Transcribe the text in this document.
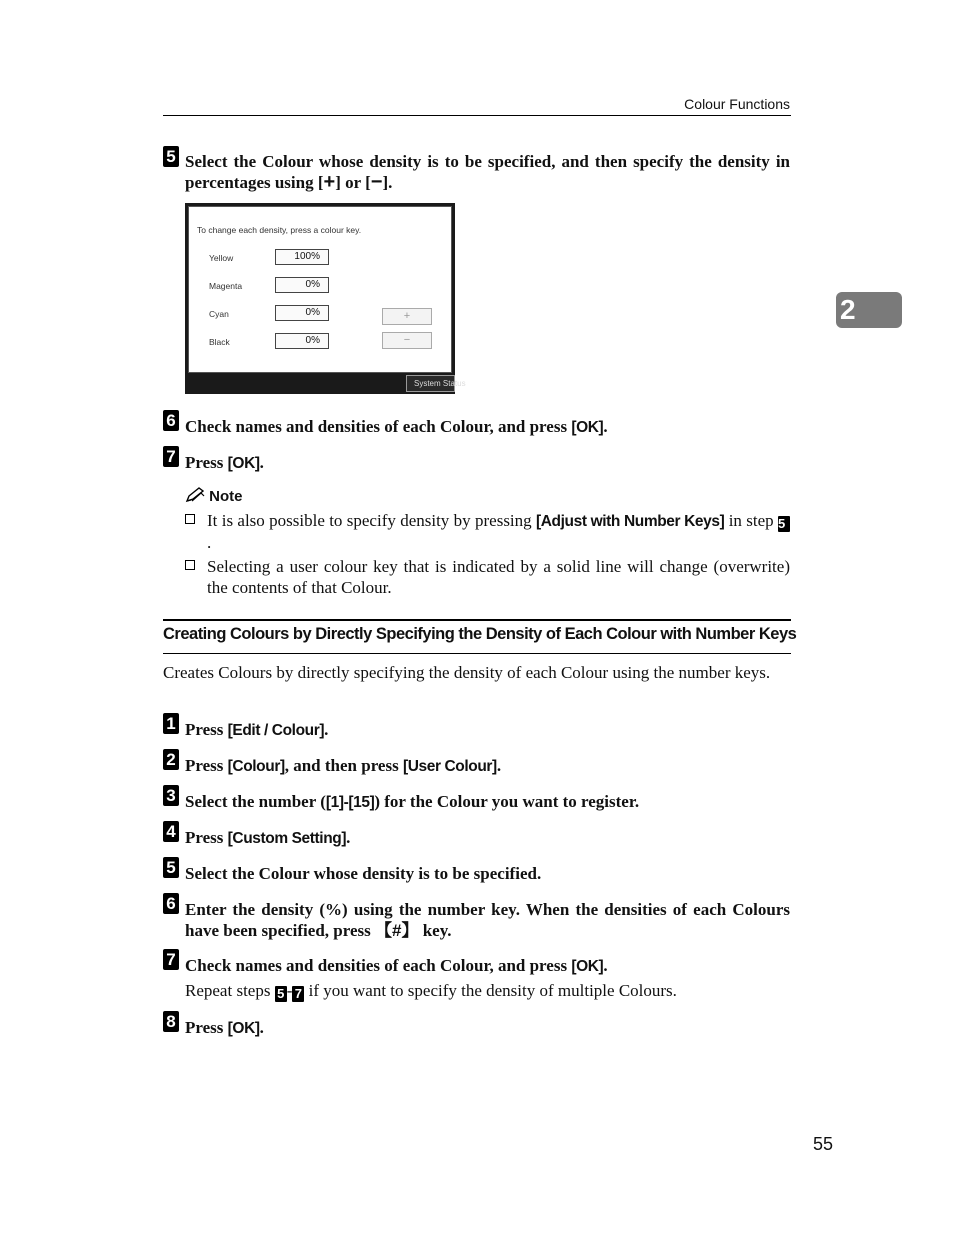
Colour Functions
2
5 Select the Colour whose density is to be specified, and then specify the density in percentages using [+] or [−].
To change each density, press a colour key.
Yellow	100%
Magenta	0%
Cyan	0%
Black	0%
+
−
System Status
6 Check names and densities of each Colour, and press [OK].
7 Press [OK].
Note
It is also possible to specify density by pressing [Adjust with Number Keys] in step 5.
Selecting a user colour key that is indicated by a solid line will change (overwrite) the contents of that Colour.
Creating Colours by Directly Specifying the Density of Each Colour with Number Keys
Creates Colours by directly specifying the density of each Colour using the number keys.
1 Press [Edit / Colour].
2 Press [Colour], and then press [User Colour].
3 Select the number ([1]-[15]) for the Colour you want to register.
4 Press [Custom Setting].
5 Select the Colour whose density is to be specified.
6 Enter the density (%) using the number key. When the densities of each Colours have been specified, press 【#】 key.
7 Check names and densities of each Colour, and press [OK].
Repeat steps 5 - 7 if you want to specify the density of multiple Colours.
8 Press [OK].
55
